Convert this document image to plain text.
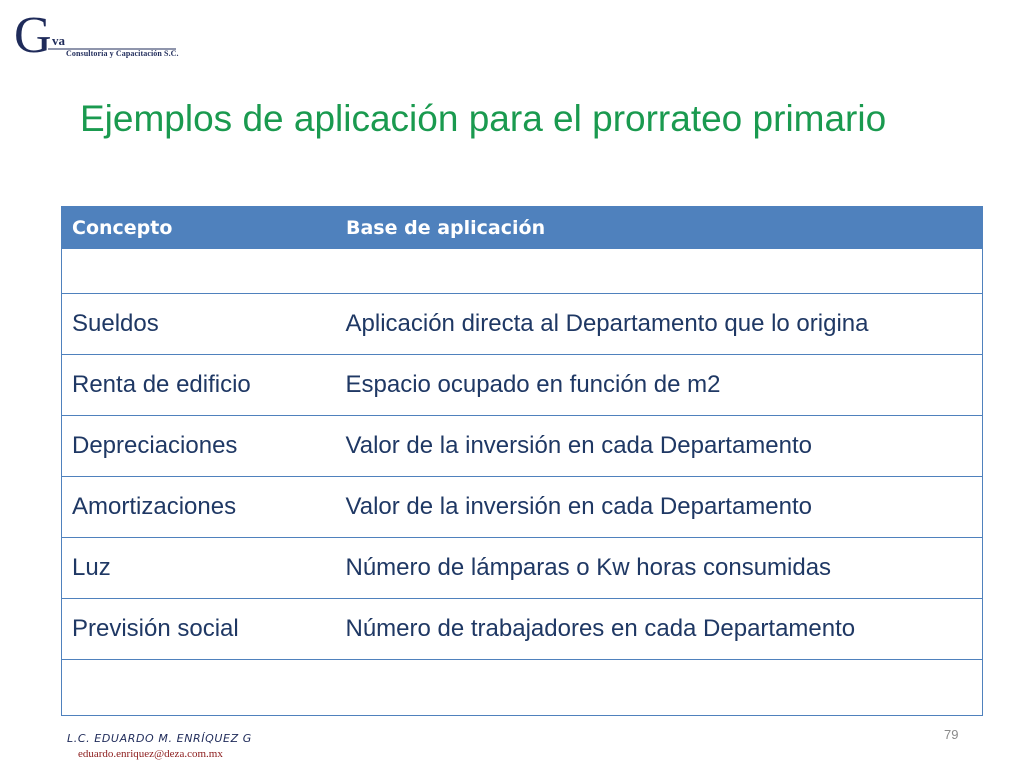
G va
Consultoría y Capacitación S.C.
Ejemplos de aplicación para el prorrateo primario
Concepto	Base de aplicación

Sueldos	Aplicación directa al Departamento que lo origina
Renta de edificio	Espacio ocupado en función de m2
Depreciaciones	Valor de la inversión en cada Departamento
Amortizaciones	Valor de la inversión en cada Departamento
Luz	Número de lámparas o Kw horas consumidas
Previsión social	Número de trabajadores en cada Departamento

L.C. EDUARDO M. ENRÍQUEZ G
eduardo.enriquez@deza.com.mx
79
